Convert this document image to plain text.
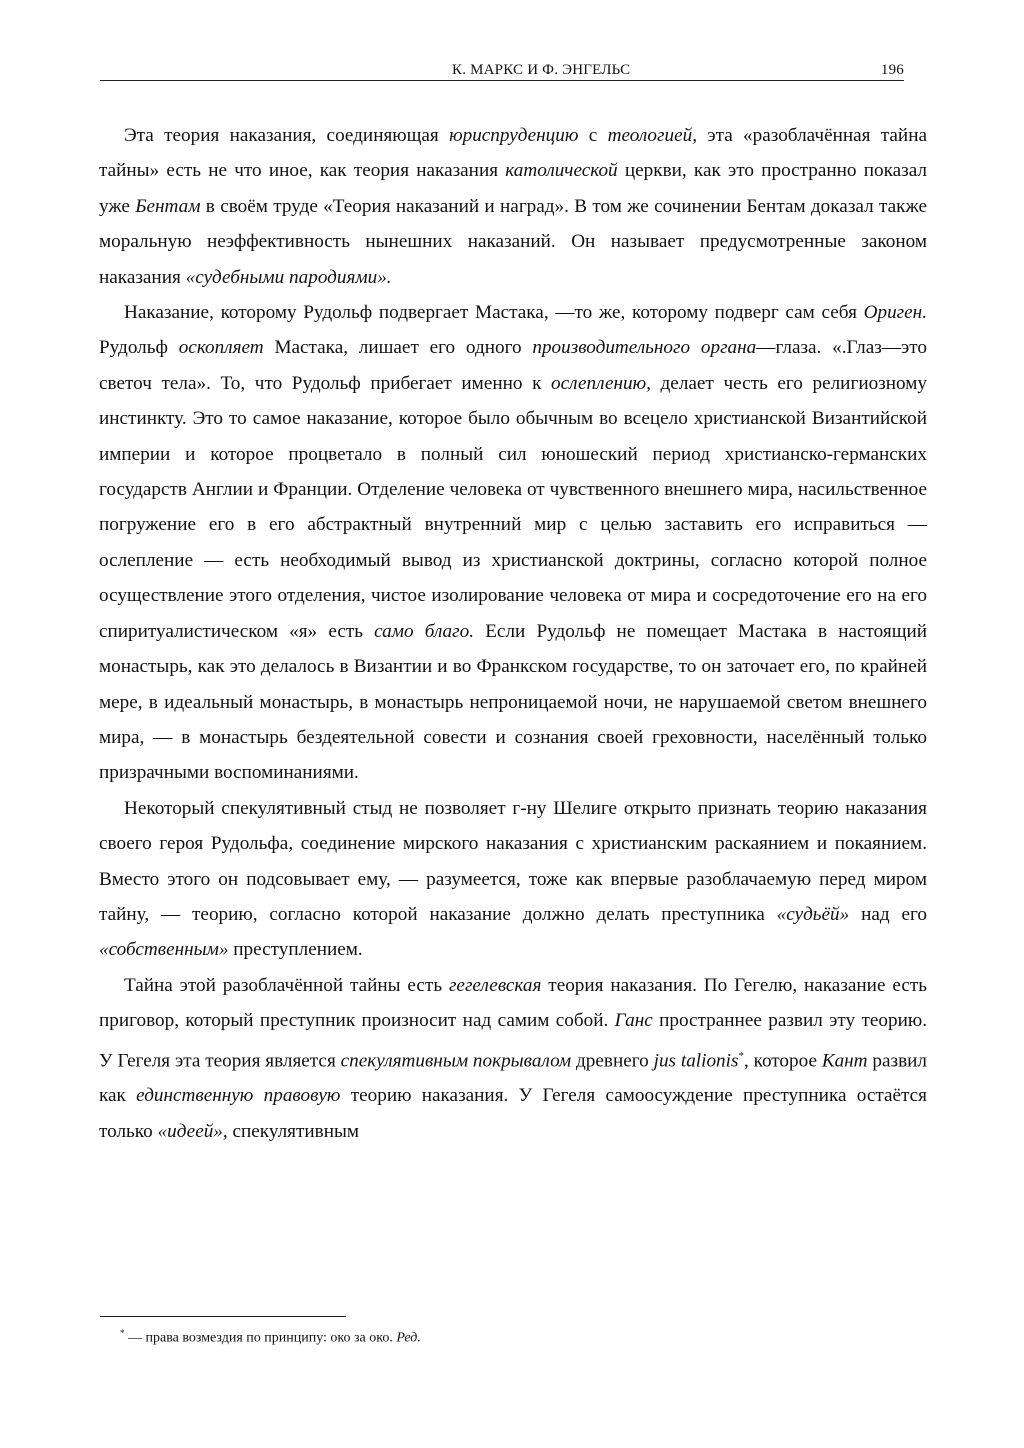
К. МАРКС И Ф. ЭНГЕЛЬС	196

Эта теория наказания, соединяющая юриспруденцию с теологией, эта «разоблачённая тайна тайны» есть не что иное, как теория наказания католической церкви, как это пространно показал уже Бентам в своём труде «Теория наказаний и наград». В том же сочинении Бентам доказал также моральную неэффективность нынешних наказаний. Он называет предусмотренные законом наказания «судебными пародиями».

Наказание, которому Рудольф подвергает Мастака, —то же, которому подверг сам себя Ориген. Рудольф оскопляет Мастака, лишает его одного производительного органа—глаза. «.Глаз—это светоч тела». То, что Рудольф прибегает именно к ослеплению, делает честь его религиозному инстинкту. Это то самое наказание, которое было обычным во всецело христианской Византийской империи и которое процветало в полный сил юношеский период христианско-германских государств Англии и Франции. Отделение человека от чувственного внешнего мира, насильственное погружение его в его абстрактный внутренний мир с целью заставить его исправиться — ослепление — есть необходимый вывод из христианской доктрины, согласно которой полное осуществление этого отделения, чистое изолирование человека от мира и сосредоточение его на его спиритуалистическом «я» есть само благо. Если Рудольф не помещает Мастака в настоящий монастырь, как это делалось в Византии и во Франкском государстве, то он заточает его, по крайней мере, в идеальный монастырь, в монастырь непроницаемой ночи, не нарушаемой светом внешнего мира, — в монастырь бездеятельной совести и сознания своей греховности, населённый только призрачными воспоминаниями.

Некоторый спекулятивный стыд не позволяет г-ну Шелиге открыто признать теорию наказания своего героя Рудольфа, соединение мирского наказания с христианским раскаянием и покаянием. Вместо этого он подсовывает ему, — разумеется, тоже как впервые разоблачаемую перед миром тайну, — теорию, согласно которой наказание должно делать преступника «судьёй» над его «собственным» преступлением.

Тайна этой разоблачённой тайны есть гегелевская теория наказания. По Гегелю, наказание есть приговор, который преступник произносит над самим собой. Ганс пространнее развил эту теорию. У Гегеля эта теория является спекулятивным покрывалом древнего jus talionis*, которое Кант развил как единственную правовую теорию наказания. У Гегеля самоосуждение преступника остаётся только «идеей», спекулятивным

* — права возмездия по принципу: око за око. Ред.
